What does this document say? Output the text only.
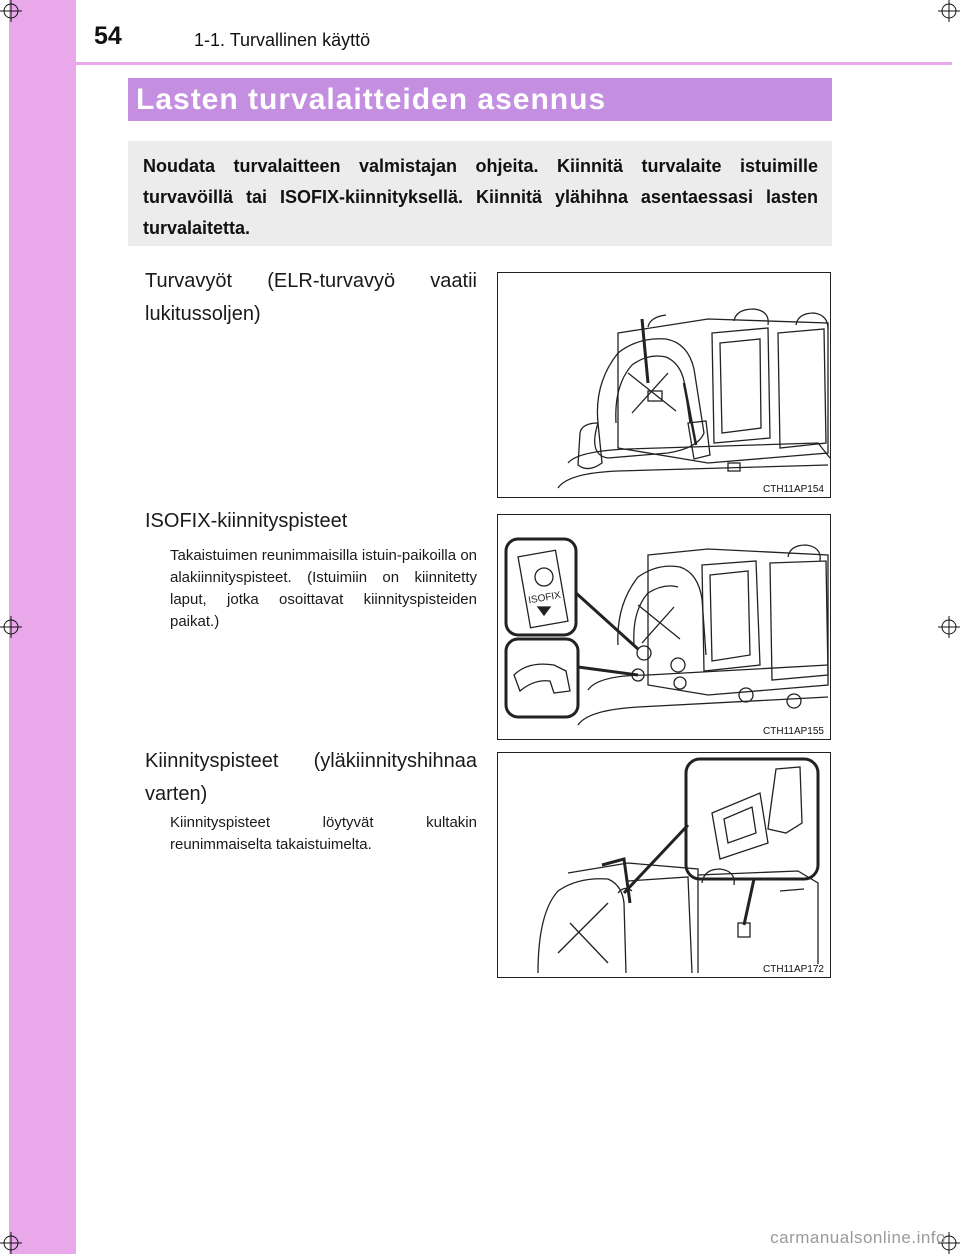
54	1-1. Turvallinen käyttö
Lasten turvalaitteiden asennus

Noudata turvalaitteen valmistajan ohjeita. Kiinnitä turvalaite istuimille turvavöillä tai ISOFIX-kiinnityksellä. Kiinnitä ylähihna asentaessasi lasten turvalaitetta.

Turvavyöt (ELR-turvavyö vaatii lukitussoljen)
CTH11AP154
ISOFIX-kiinnityspisteet
Takaistuimen reunimmaisilla istuin-paikoilla on alakiinnityspisteet. (Istuimiin on kiinnitetty laput, jotka osoittavat kiinnityspisteiden paikat.)
ISOFIX
CTH11AP155
Kiinnityspisteet (yläkiinnityshihnaa varten)
Kiinnityspisteet löytyvät kultakin reunimmaiselta takaistuimelta.
CTH11AP172
carmanualsonline.info
